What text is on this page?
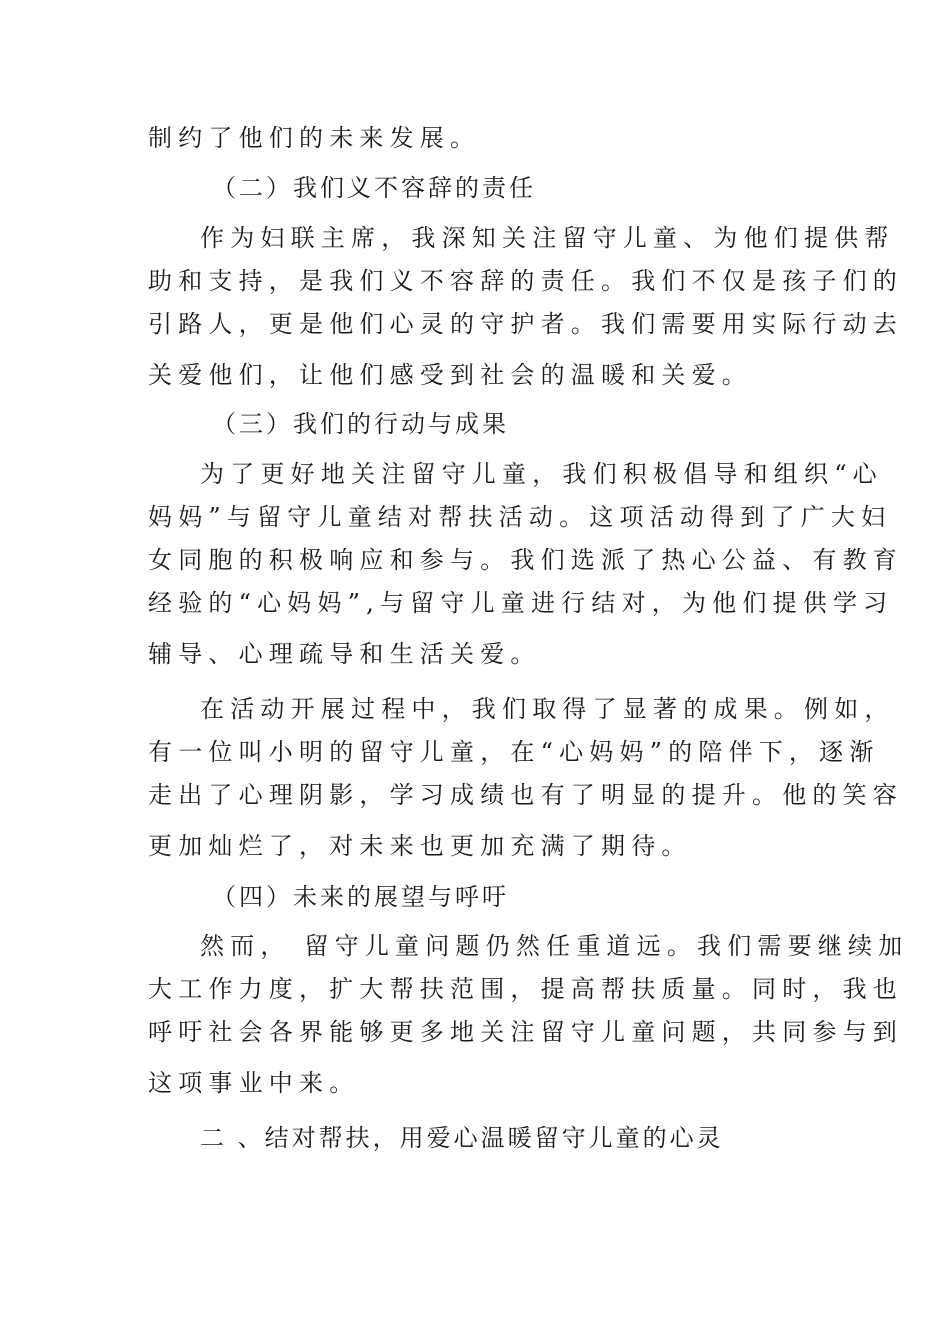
制约了他们的未来发展。
（二）我们义不容辞的责任
作为妇联主席，我深知关注留守儿童、为他们提供帮
助和支持，是我们义不容辞的责任。我们不仅是孩子们的
引路人，更是他们心灵的守护者。我们需要用实际行动去
关爱他们，让他们感受到社会的温暖和关爱。
（三）我们的行动与成果
为了更好地关注留守儿童，我们积极倡导和组织“心
妈妈”与留守儿童结对帮扶活动。这项活动得到了广大妇
女同胞的积极响应和参与。我们选派了热心公益、有教育
经验的“心妈妈”,与留守儿童进行结对，为他们提供学习
辅导、心理疏导和生活关爱。
在活动开展过程中，我们取得了显著的成果。例如，
有一位叫小明的留守儿童，在“心妈妈”的陪伴下，逐渐
走出了心理阴影，学习成绩也有了明显的提升。他的笑容
更加灿烂了，对未来也更加充满了期待。
（四）未来的展望与呼吁
然而， 留守儿童问题仍然任重道远。我们需要继续加
大工作力度，扩大帮扶范围，提高帮扶质量。同时，我也
呼吁社会各界能够更多地关注留守儿童问题，共同参与到
这项事业中来。
二 、结对帮扶，用爱心温暖留守儿童的心灵
